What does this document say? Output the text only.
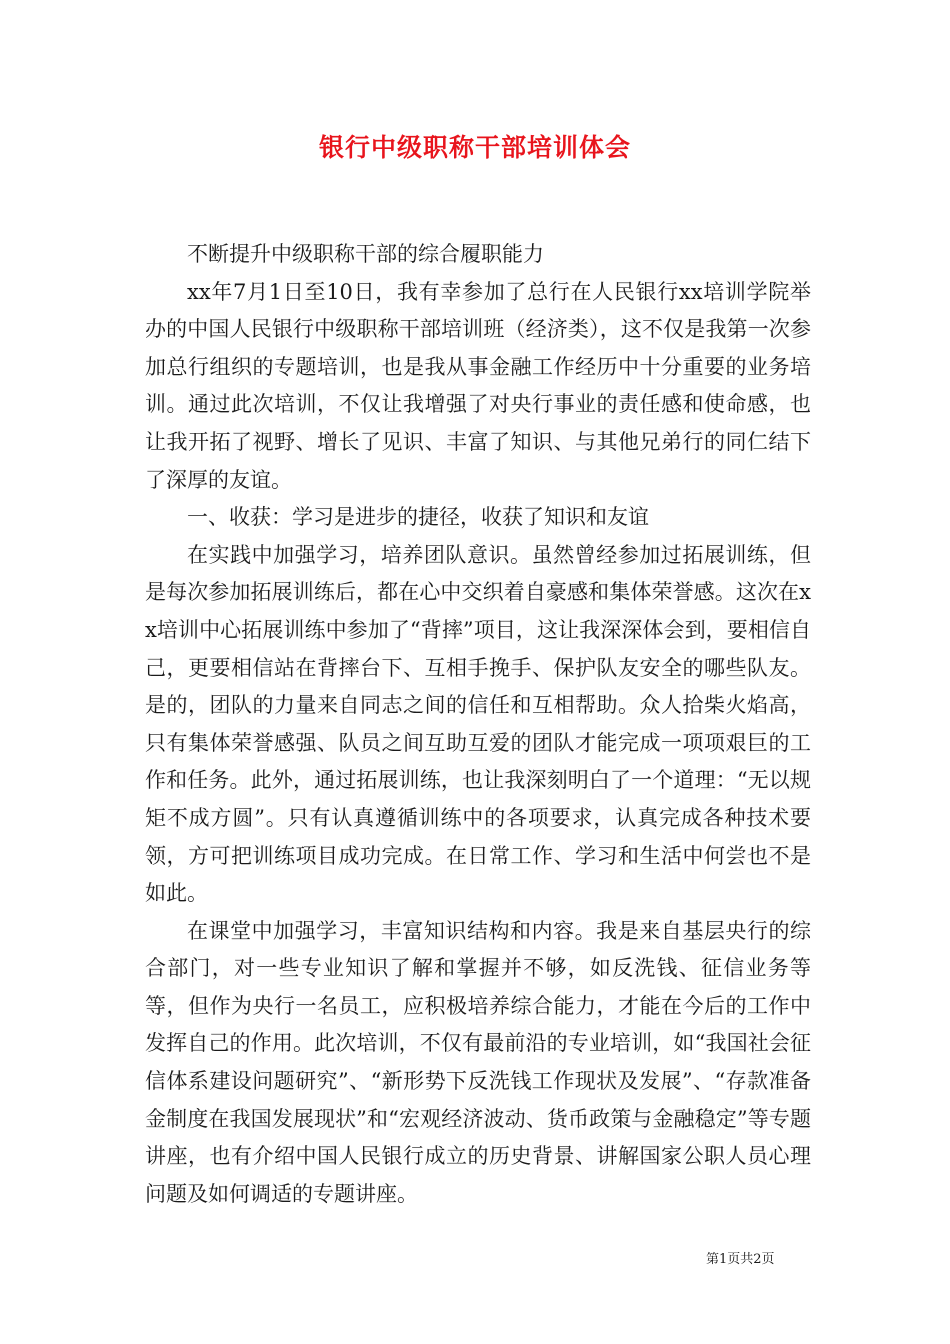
银行中级职称干部培训体会

不断提升中级职称干部的综合履职能力

xx年7月1日至10日，我有幸参加了总行在人民银行xx培训学院举办的中国人民银行中级职称干部培训班（经济类），这不仅是我第一次参加总行组织的专题培训，也是我从事金融工作经历中十分重要的业务培训。通过此次培训，不仅让我增强了对央行事业的责任感和使命感，也让我开拓了视野、增长了见识、丰富了知识、与其他兄弟行的同仁结下了深厚的友谊。

一、收获：学习是进步的捷径，收获了知识和友谊

在实践中加强学习，培养团队意识。虽然曾经参加过拓展训练，但是每次参加拓展训练后，都在心中交织着自豪感和集体荣誉感。这次在xx培训中心拓展训练中参加了“背摔”项目，这让我深深体会到，要相信自己，更要相信站在背摔台下、互相手挽手、保护队友安全的哪些队友。是的，团队的力量来自同志之间的信任和互相帮助。众人拾柴火焰高，只有集体荣誉感强、队员之间互助互爱的团队才能完成一项项艰巨的工作和任务。此外，通过拓展训练，也让我深刻明白了一个道理：“无以规矩不成方圆”。只有认真遵循训练中的各项要求，认真完成各种技术要领，方可把训练项目成功完成。在日常工作、学习和生活中何尝也不是如此。

在课堂中加强学习，丰富知识结构和内容。我是来自基层央行的综合部门，对一些专业知识了解和掌握并不够，如反洗钱、征信业务等等，但作为央行一名员工，应积极培养综合能力，才能在今后的工作中发挥自己的作用。此次培训，不仅有最前沿的专业培训，如“我国社会征信体系建设问题研究”、“新形势下反洗钱工作现状及发展”、“存款准备金制度在我国发展现状”和“宏观经济波动、货币政策与金融稳定”等专题讲座，也有介绍中国人民银行成立的历史背景、讲解国家公职人员心理问题及如何调适的专题讲座。

第1页共2页
